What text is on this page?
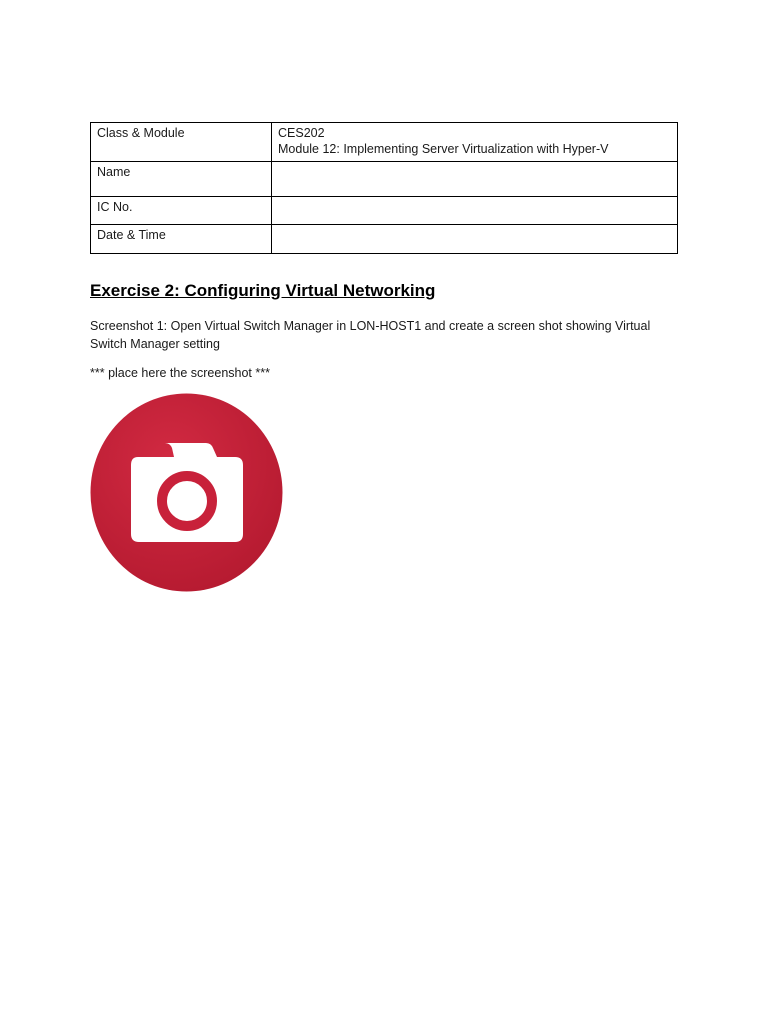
Class & Module	CES202
Module 12: Implementing Server Virtualization with Hyper-V

Name	
IC No.	
Date & Time	
Exercise 2: Configuring Virtual Networking

Screenshot 1: Open Virtual Switch Manager in LON-HOST1 and create a screen shot showing Virtual Switch Manager setting

*** place here the screenshot ***
